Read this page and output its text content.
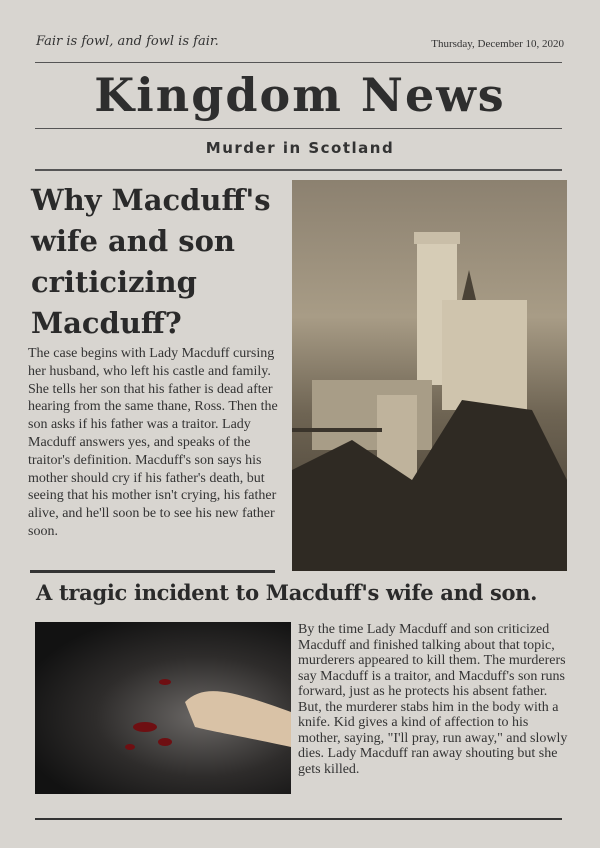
Fair is fowl, and fowl is fair.	Thursday, December 10, 2020
Kingdom News
Murder in Scotland
Why Macduff's wife and son criticizing Macduff?
The case begins with Lady Macduff cursing her husband, who left his castle and family. She tells her son that his father is dead after hearing from the same thane, Ross. Then the son asks if his father was a traitor. Lady Macduff answers yes, and speaks of the traitor's definition. Macduff's son says his mother should cry if his father's death, but seeing that his mother isn't crying, his father alive, and he'll soon be to see his new father soon.
A tragic incident to Macduff's wife and son.
By the time Lady Macduff and son criticized Macduff and finished talking about that topic, murderers appeared to kill them. The murderers say Macduff is a traitor, and Macduff's son runs forward, just as he protects his absent father. But, the murderer stabs him in the body with a knife. Kid gives a kind of affection to his mother, saying, "I'll pray, run away," and slowly dies. Lady Macduff ran away shouting but she gets killed.
